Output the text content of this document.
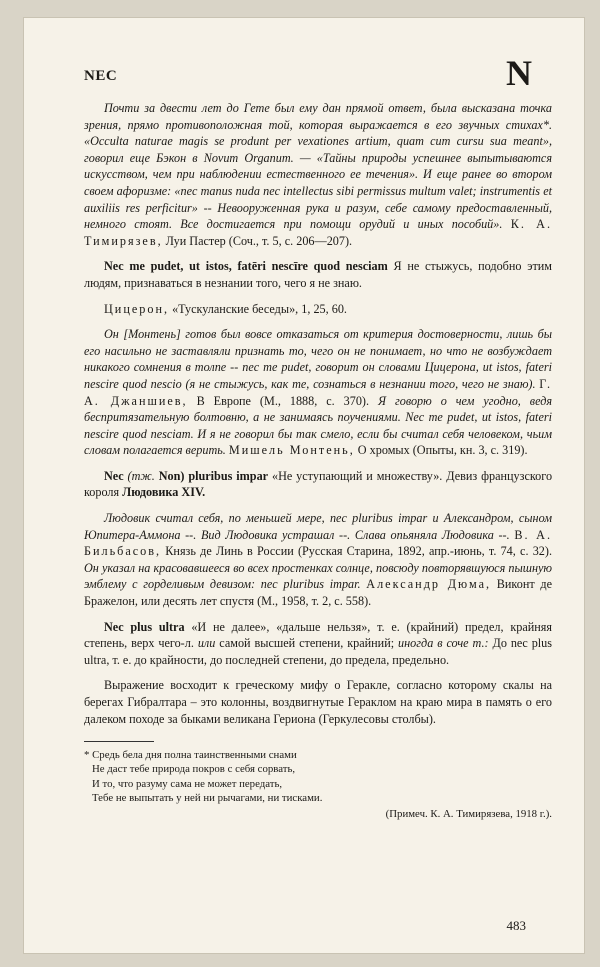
NEC	N

Почти за двести лет до Гете был ему дан прямой ответ, была высказана точка зрения, прямо противоположная той, которая выражается в его звучных стихах*. «Occulta naturae magis se produnt per vexationes artium, quam cum cursu sua meant», говорил еще Бэкон в Novum Organum. — «Тайны природы успешнее выпытываются искусством, чем при наблюдении естественного ее течения». И еще ранее во втором своем афоризме: «nec manus nuda nec intellectus sibi permissus multum valet; instrumentis et auxiliis res perficitur» -- Невооруженная рука и разум, себе самому предоставленный, немного стоят. Все достигается при помощи орудий и иных пособий». К. А. Тимирязев, Луи Пастер (Соч., т. 5, с. 206—207).

Nec me pudet, ut istos, fatēri nescīre quod nesciam Я не стыжусь, подобно этим людям, признаваться в незнании того, чего я не знаю.

Цицерон, «Тускуланские беседы», 1, 25, 60.

Он [Монтень] готов был вовсе отказаться от критерия достоверности, лишь бы его насильно не заставляли признать то, чего он не понимает, но что не возбуждает никакого сомнения в толпе -- nec me pudet, говорит он словами Цицерона, ut istos, fateri nescire quod nescio (я не стыжусь, как те, сознаться в незнании того, чего не знаю). Г. А. Джаншиев, В Европе (М., 1888, с. 370). Я говорю о чем угодно, ведя беспритязательную болтовню, а не занимаясь поучениями. Nec me pudet, ut istos, fateri nescire quod nesciam. И я не говорил бы так смело, если бы считал себя человеком, чьим словам полагается верить. Мишель Монтень, О хромых (Опыты, кн. 3, с. 319).

Nec (тж. Non) pluribus impar «Не уступающий и множеству». Девиз французского короля Людовика XIV.

Людовик считал себя, по меньшей мере, nec pluribus impar и Александром, сыном Юпитера-Аммона --. Вид Людовика устрашал --. Слава опьяняла Людовика --. В. А. Бильбасов, Князь де Линь в России (Русская Старина, 1892, апр.-июнь, т. 74, с. 32). Он указал на красовавшееся во всех простенках солнце, повсюду повторявшуюся пышную эмблему с горделивым девизом: nec pluribus impar. Александр Дюма, Виконт де Бражелон, или десять лет спустя (М., 1958, т. 2, с. 558).

Nec plus ultra «И не далее», «дальше нельзя», т. е. (крайний) предел, крайняя степень, верх чего-л. или самой высшей степени, крайний; иногда в соче т.: До nec plus ultra, т. е. до крайности, до последней степени, до предела, предельно.

Выражение восходит к греческому мифу о Геракле, согласно которому скалы на берегах Гибралтара – это колонны, воздвигнутые Гераклом на краю мира в память о его далеком походе за быками великана Гериона (Геркулесовы столбы).

* Средь бела дня полна таинственными снами
Не даст тебе природа покров с себя сорвать,
И то, что разуму сама не может передать,
Тебе не выпытать у ней ни рычагами, ни тисками.
(Примеч. К. А. Тимирязева, 1918 г.).
483
